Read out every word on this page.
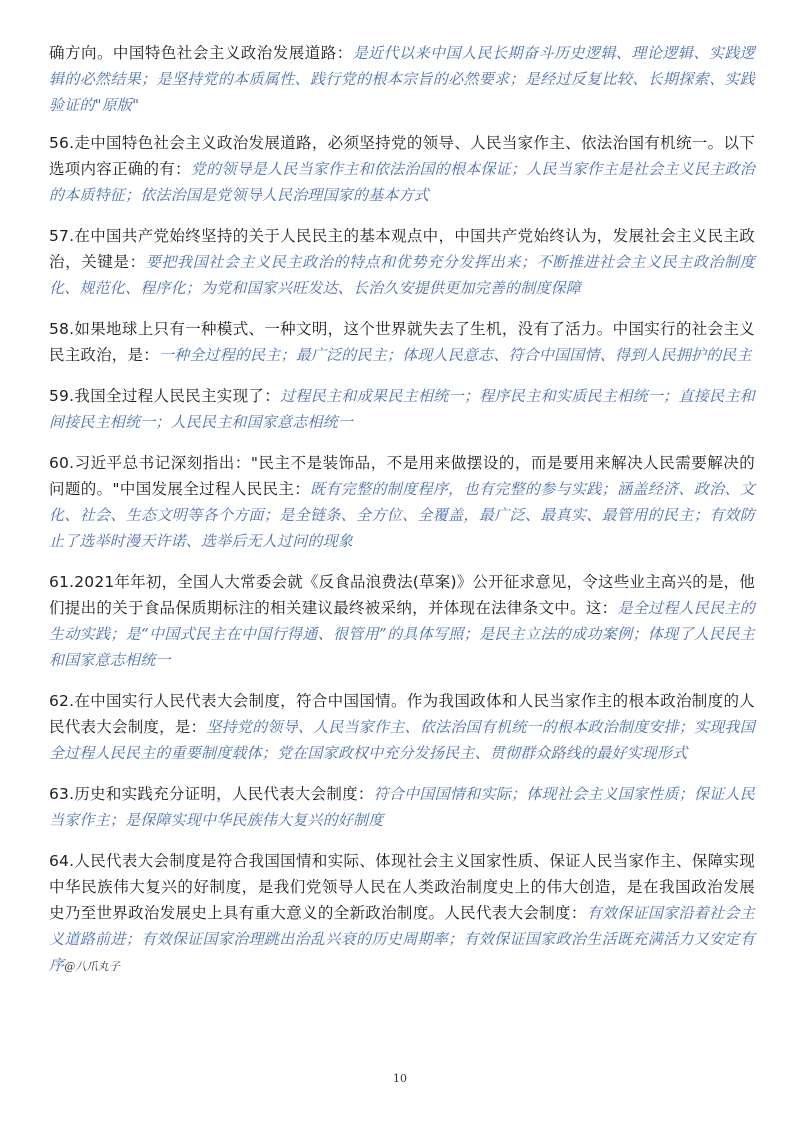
确方向。中国特色社会主义政治发展道路：是近代以来中国人民长期奋斗历史逻辑、理论逻辑、实践逻辑的必然结果；是坚持党的本质属性、践行党的根本宗旨的必然要求；是经过反复比较、长期探索、实践验证的"原版"

56.走中国特色社会主义政治发展道路，必须坚持党的领导、人民当家作主、依法治国有机统一。以下选项内容正确的有：党的领导是人民当家作主和依法治国的根本保证；人民当家作主是社会主义民主政治的本质特征；依法治国是党领导人民治理国家的基本方式

57.在中国共产党始终坚持的关于人民民主的基本观点中，中国共产党始终认为，发展社会主义民主政治，关键是：要把我国社会主义民主政治的特点和优势充分发挥出来；不断推进社会主义民主政治制度化、规范化、程序化；为党和国家兴旺发达、长治久安提供更加完善的制度保障

58.如果地球上只有一种模式、一种文明，这个世界就失去了生机，没有了活力。中国实行的社会主义民主政治，是：一种全过程的民主；最广泛的民主；体现人民意志、符合中国国情、得到人民拥护的民主

59.我国全过程人民民主实现了：过程民主和成果民主相统一；程序民主和实质民主相统一；直接民主和间接民主相统一；人民民主和国家意志相统一

60.习近平总书记深刻指出："民主不是装饰品，不是用来做摆设的，而是要用来解决人民需要解决的问题的。"中国发展全过程人民民主：既有完整的制度程序，也有完整的参与实践；涵盖经济、政治、文化、社会、生态文明等各个方面；是全链条、全方位、全覆盖，最广泛、最真实、最管用的民主；有效防止了选举时漫天许诺、选举后无人过问的现象

61.2021年年初，全国人大常委会就《反食品浪费法(草案)》公开征求意见，令这些业主高兴的是，他们提出的关于食品保质期标注的相关建议最终被采纳，并体现在法律条文中。这：是全过程人民民主的生动实践；是“中国式民主在中国行得通、很管用”的具体写照；是民主立法的成功案例；体现了人民民主和国家意志相统一

62.在中国实行人民代表大会制度，符合中国国情。作为我国政体和人民当家作主的根本政治制度的人民代表大会制度，是：坚持党的领导、人民当家作主、依法治国有机统一的根本政治制度安排；实现我国全过程人民民主的重要制度载体；党在国家政权中充分发扬民主、贯彻群众路线的最好实现形式

63.历史和实践充分证明，人民代表大会制度：符合中国国情和实际；体现社会主义国家性质；保证人民当家作主；是保障实现中华民族伟大复兴的好制度

64.人民代表大会制度是符合我国国情和实际、体现社会主义国家性质、保证人民当家作主、保障实现中华民族伟大复兴的好制度，是我们党领导人民在人类政治制度史上的伟大创造，是在我国政治发展史乃至世界政治发展史上具有重大意义的全新政治制度。人民代表大会制度：有效保证国家沿着社会主义道路前进；有效保证国家治理跳出治乱兴衰的历史周期率；有效保证国家政治生活既充满活力又安定有序@八爪丸子

10
